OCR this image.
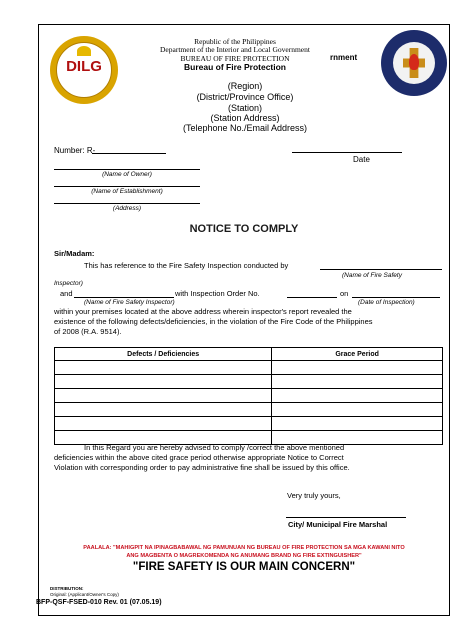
DILG
Republic of the Philippines
Department of the Interior and Local Government
BUREAU OF FIRE PROTECTION
Bureau of Fire Protection
rnment
(Region)
(District/Province Office)
(Station)
(Station Address)
(Telephone No./Email Address)
Number: R-
Date
(Name of Owner)
(Name of Establishment)
(Address)
NOTICE TO COMPLY
Sir/Madam:
This has reference to the Fire Safety Inspection conducted by
(Name of Fire Safety
Inspector)
and	with Inspection Order No.	on
(Name of Fire Safety Inspector)	(Date of Inspection)
within your premises located at the above address wherein inspector's report revealed the
existence of the following defects/deficiencies, in the violation of the Fire Code of the Philippines
of 2008 (R.A. 9514).
Defects / Deficiencies	Grace Period

In this Regard you are hereby advised to comply /correct the above mentioned
deficiencies within the above cited grace period otherwise appropriate Notice to Correct
Violation with corresponding order to pay administrative fine shall be issued by this office.
Very truly yours,
City/ Municipal Fire Marshal
PAALALA: "MAHIGPIT NA IPINAGBABAWAL NG PAMUNUAN NG BUREAU OF FIRE PROTECTION SA MGA KAWANI NITO
ANG MAGBENTA O MAGREKOMENDA NG ANUMANG BRAND NG FIRE EXTINGUISHER"
"FIRE SAFETY IS OUR MAIN CONCERN"
DISTRIBUTION:
Original: (Applicant/Owner's Copy)
BFP-QSF-FSED-010 Rev. 01 (07.05.19)
